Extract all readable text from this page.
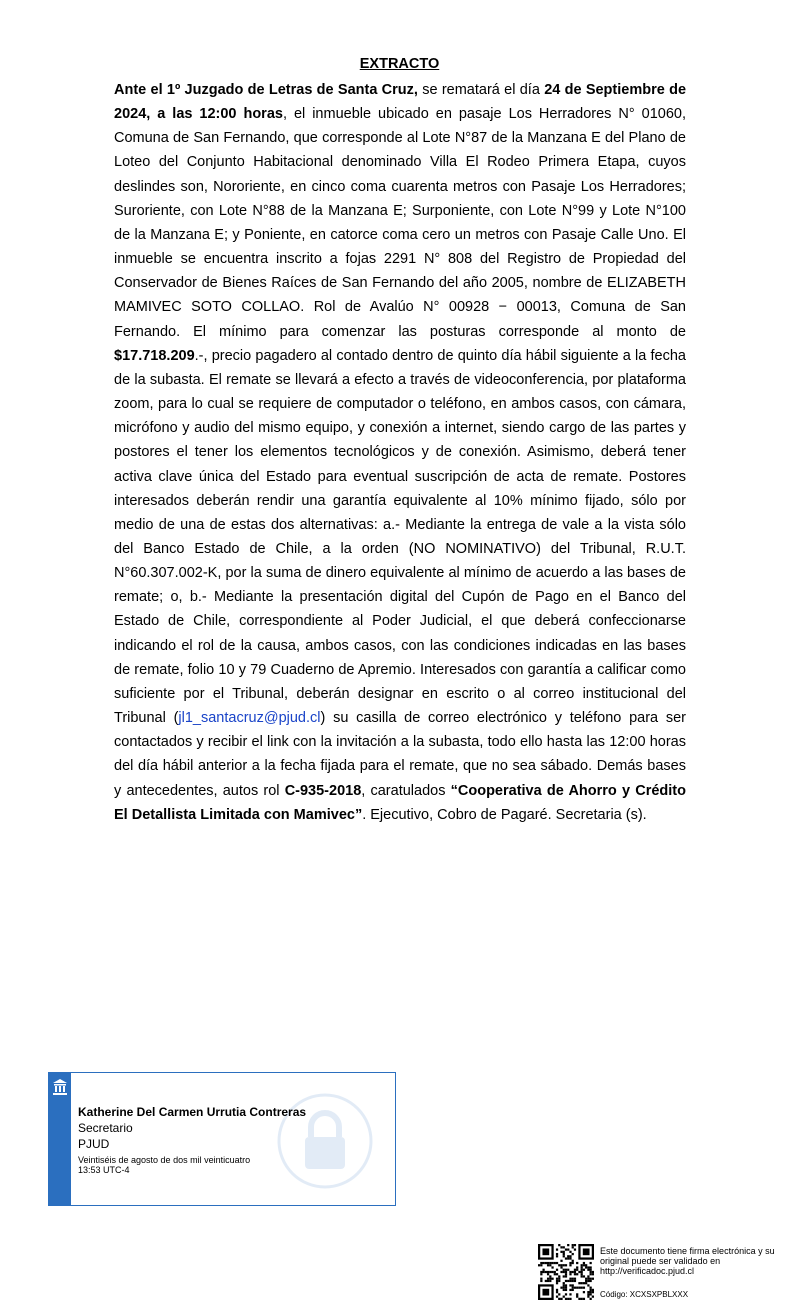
EXTRACTO
Ante el 1º Juzgado de Letras de Santa Cruz, se rematará el día 24 de Septiembre de 2024, a las 12:00 horas, el inmueble ubicado en pasaje Los Herradores N° 01060, Comuna de San Fernando, que corresponde al Lote N°87 de la Manzana E del Plano de Loteo del Conjunto Habitacional denominado Villa El Rodeo Primera Etapa, cuyos deslindes son, Nororiente, en cinco coma cuarenta metros con Pasaje Los Herradores; Suroriente, con Lote N°88 de la Manzana E; Surponiente, con Lote N°99 y Lote N°100 de la Manzana E; y Poniente, en catorce coma cero un metros con Pasaje Calle Uno. El inmueble se encuentra inscrito a fojas 2291 N° 808 del Registro de Propiedad del Conservador de Bienes Raíces de San Fernando del año 2005, nombre de ELIZABETH MAMIVEC SOTO COLLAO. Rol de Avalúo N° 00928 − 00013, Comuna de San Fernando. El mínimo para comenzar las posturas corresponde al monto de $17.718.209.-, precio pagadero al contado dentro de quinto día hábil siguiente a la fecha de la subasta. El remate se llevará a efecto a través de videoconferencia, por plataforma zoom, para lo cual se requiere de computador o teléfono, en ambos casos, con cámara, micrófono y audio del mismo equipo, y conexión a internet, siendo cargo de las partes y postores el tener los elementos tecnológicos y de conexión. Asimismo, deberá tener activa clave única del Estado para eventual suscripción de acta de remate. Postores interesados deberán rendir una garantía equivalente al 10% mínimo fijado, sólo por medio de una de estas dos alternativas: a.- Mediante la entrega de vale a la vista sólo del Banco Estado de Chile, a la orden (NO NOMINATIVO) del Tribunal, R.U.T. N°60.307.002-K, por la suma de dinero equivalente al mínimo de acuerdo a las bases de remate; o, b.- Mediante la presentación digital del Cupón de Pago en el Banco del Estado de Chile, correspondiente al Poder Judicial, el que deberá confeccionarse indicando el rol de la causa, ambos casos, con las condiciones indicadas en las bases de remate, folio 10 y 79 Cuaderno de Apremio. Interesados con garantía a calificar como suficiente por el Tribunal, deberán designar en escrito o al correo institucional del Tribunal (jl1_santacruz@pjud.cl) su casilla de correo electrónico y teléfono para ser contactados y recibir el link con la invitación a la subasta, todo ello hasta las 12:00 horas del día hábil anterior a la fecha fijada para el remate, que no sea sábado. Demás bases y antecedentes, autos rol C-935-2018, caratulados “Cooperativa de Ahorro y Crédito El Detallista Limitada con Mamivec”. Ejecutivo, Cobro de Pagaré. Secretaria (s).
Katherine Del Carmen Urrutia Contreras
Secretario
PJUD
Veintiséis de agosto de dos mil veinticuatro
13:53 UTC-4
Este documento tiene firma electrónica y su original puede ser validado en http://verificadoc.pjud.cl
Código: XCXSXPBLXXX
